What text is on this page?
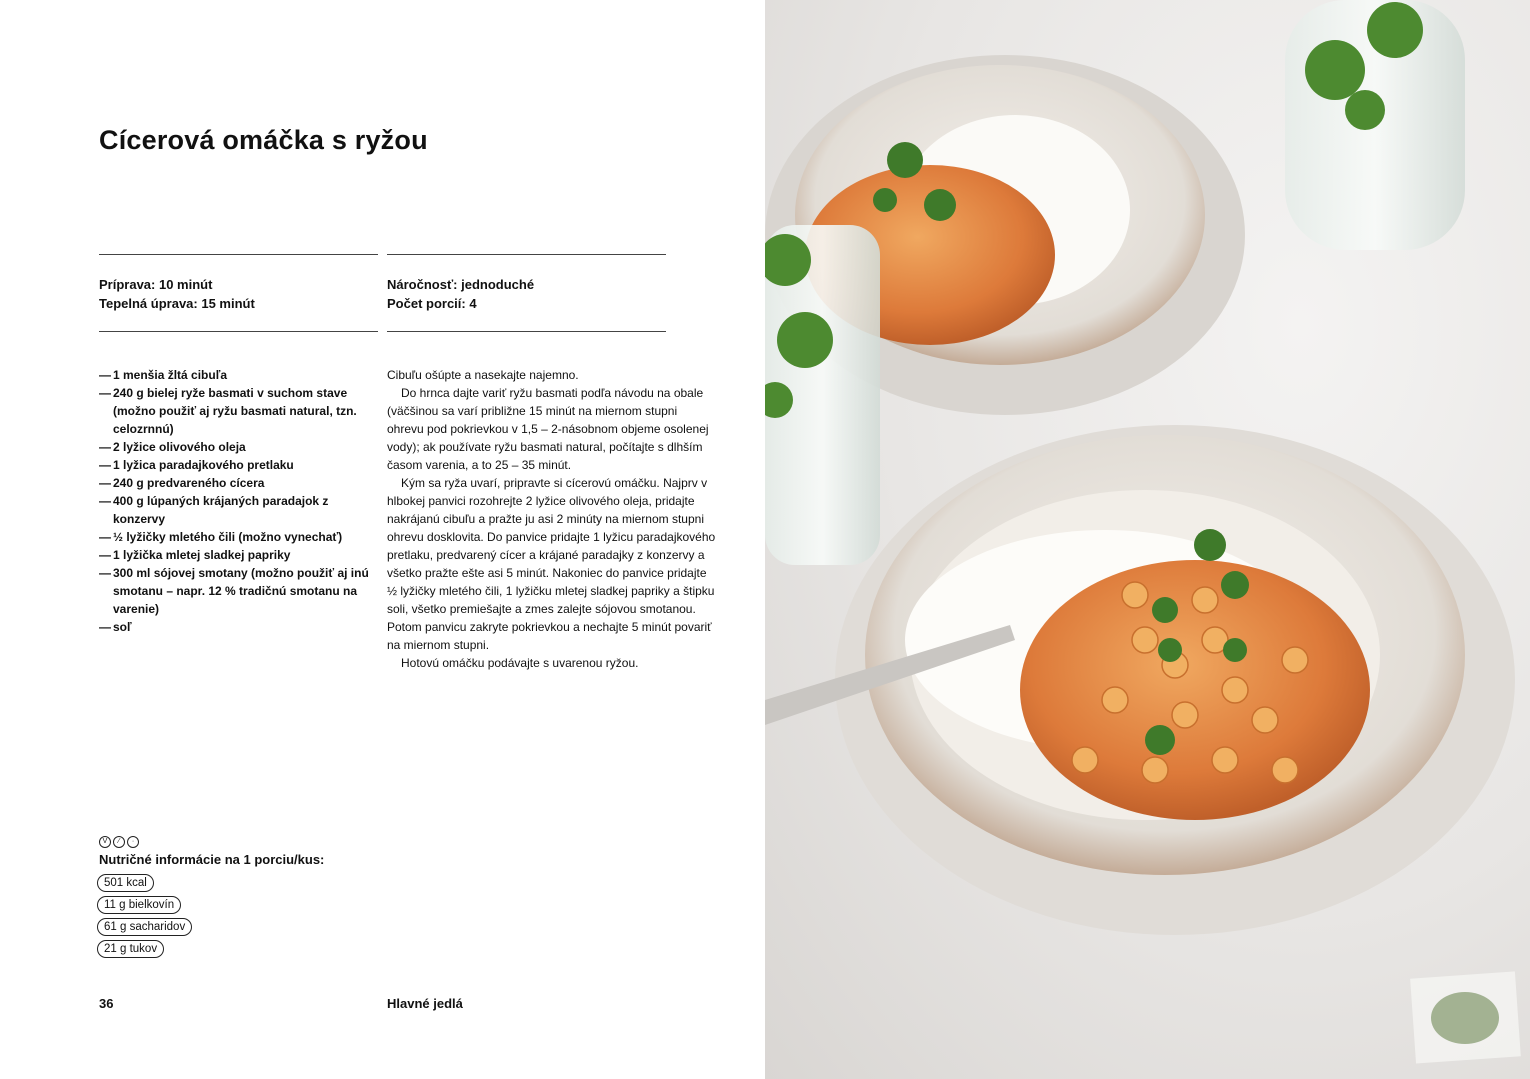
Cícerová omáčka s ryžou
Príprava: 10 minút
Tepelná úprava: 15 minút
Náročnosť: jednoduché
Počet porcií: 4
— 1 menšia žltá cibuľa
— 240 g bielej ryže basmati v suchom stave (možno použiť aj ryžu basmati natural, tzn. celozrnnú)
— 2 lyžice olivového oleja
— 1 lyžica paradajkového pretlaku
— 240 g predvareného cícera
— 400 g lúpaných krájaných paradajok z konzervy
— ½ lyžičky mletého čili (možno vynechať)
— 1 lyžička mletej sladkej papriky
— 300 ml sójovej smotany (možno použiť aj inú smotanu – napr. 12 % tradičnú smotanu na varenie)
— soľ

Cibuľu ošúpte a nasekajte najemno.

Do hrnca dajte variť ryžu basmati podľa návodu na obale (väčšinou sa varí približne 15 minút na miernom stupni ohrevu pod pokrievkou v 1,5 – 2-násobnom objeme osolenej vody); ak používate ryžu basmati natural, počítajte s dlhším časom varenia, a to 25 – 35 minút.

Kým sa ryža uvarí, pripravte si cícerovú omáčku. Najprv v hlbokej panvici rozohrejte 2 lyžice olivového oleja, pridajte nakrájanú cibuľu a pražte ju asi 2 minúty na miernom stupni ohrevu dosklovita. Do panvice pridajte 1 lyžicu paradajkového pretlaku, predvarený cícer a krájané paradajky z konzervy a všetko pražte ešte asi 5 minút. Nakoniec do panvice pridajte ½ lyžičky mletého čili, 1 lyžičku mletej sladkej papriky a štipku soli, všetko premiešajte a zmes zalejte sójovou smotanou. Potom panvicu zakryte pokrievkou a nechajte 5 minút povariť na miernom stupni.

Hotovú omáčku podávajte s uvarenou ryžou.

V	⁄	·
Nutričné informácie na 1 porciu/kus:
501 kcal
11 g bielkovín
61 g sacharidov
21 g tukov
36	Hlavné jedlá
